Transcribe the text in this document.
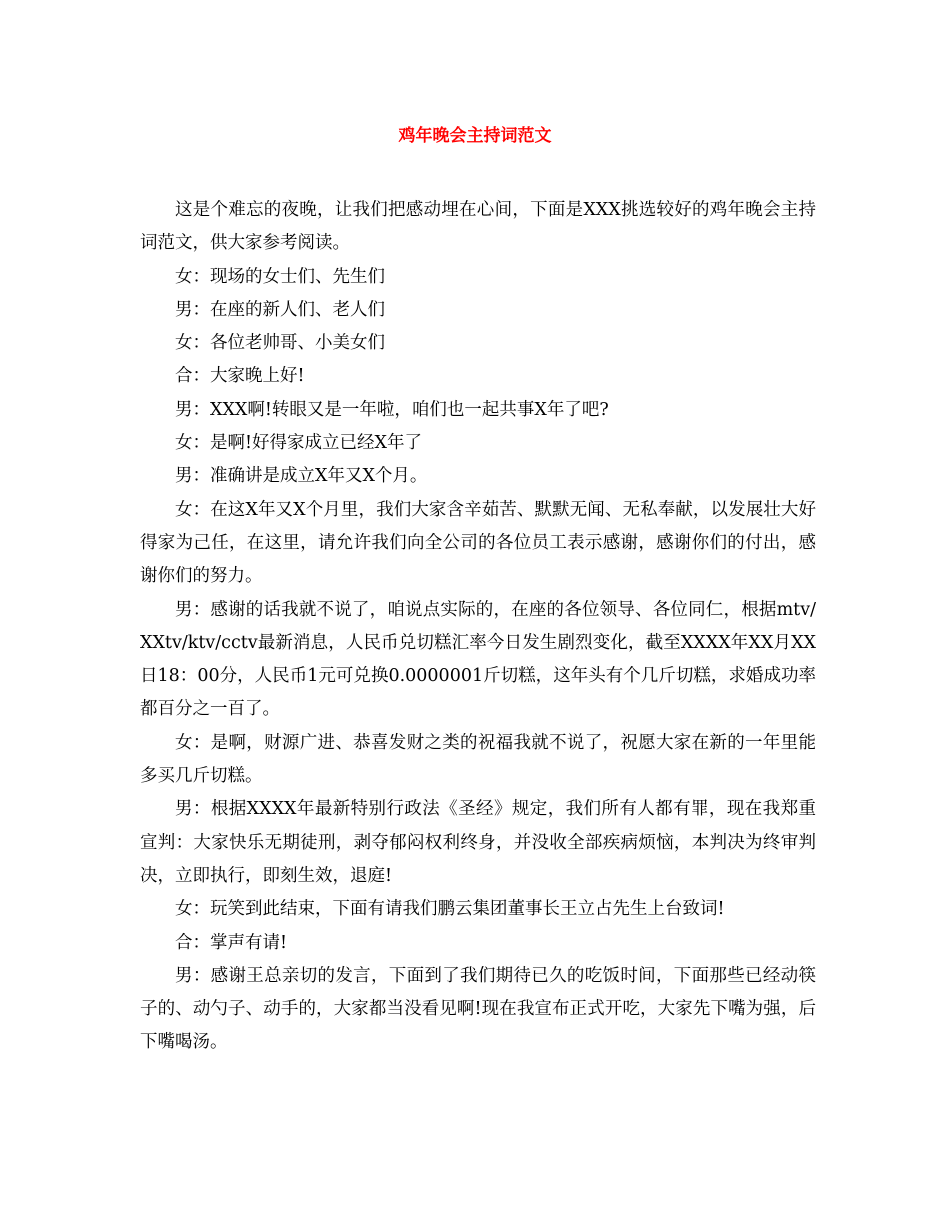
鸡年晚会主持词范文

这是个难忘的夜晚，让我们把感动埋在心间，下面是XXX挑选较好的鸡年晚会主持词范文，供大家参考阅读。

女：现场的女士们、先生们

男：在座的新人们、老人们

女：各位老帅哥、小美女们

合：大家晚上好!

男：XXX啊!转眼又是一年啦，咱们也一起共事X年了吧?

女：是啊!好得家成立已经X年了

男：准确讲是成立X年又X个月。

女：在这X年又X个月里，我们大家含辛茹苦、默默无闻、无私奉献，以发展壮大好得家为己任，在这里，请允许我们向全公司的各位员工表示感谢，感谢你们的付出，感谢你们的努力。

男：感谢的话我就不说了，咱说点实际的，在座的各位领导、各位同仁，根据mtv/XXtv/ktv/cctv最新消息，人民币兑切糕汇率今日发生剧烈变化，截至XXXX年XX月XX日18：00分，人民币1元可兑换0.0000001斤切糕，这年头有个几斤切糕，求婚成功率都百分之一百了。

女：是啊，财源广进、恭喜发财之类的祝福我就不说了，祝愿大家在新的一年里能多买几斤切糕。

男：根据XXXX年最新特别行政法《圣经》规定，我们所有人都有罪，现在我郑重宣判：大家快乐无期徒刑，剥夺郁闷权利终身，并没收全部疾病烦恼，本判决为终审判决，立即执行，即刻生效，退庭!

女：玩笑到此结束，下面有请我们鹏云集团董事长王立占先生上台致词!

合：掌声有请!

男：感谢王总亲切的发言，下面到了我们期待已久的吃饭时间，下面那些已经动筷子的、动勺子、动手的，大家都当没看见啊!现在我宣布正式开吃，大家先下嘴为强，后下嘴喝汤。
